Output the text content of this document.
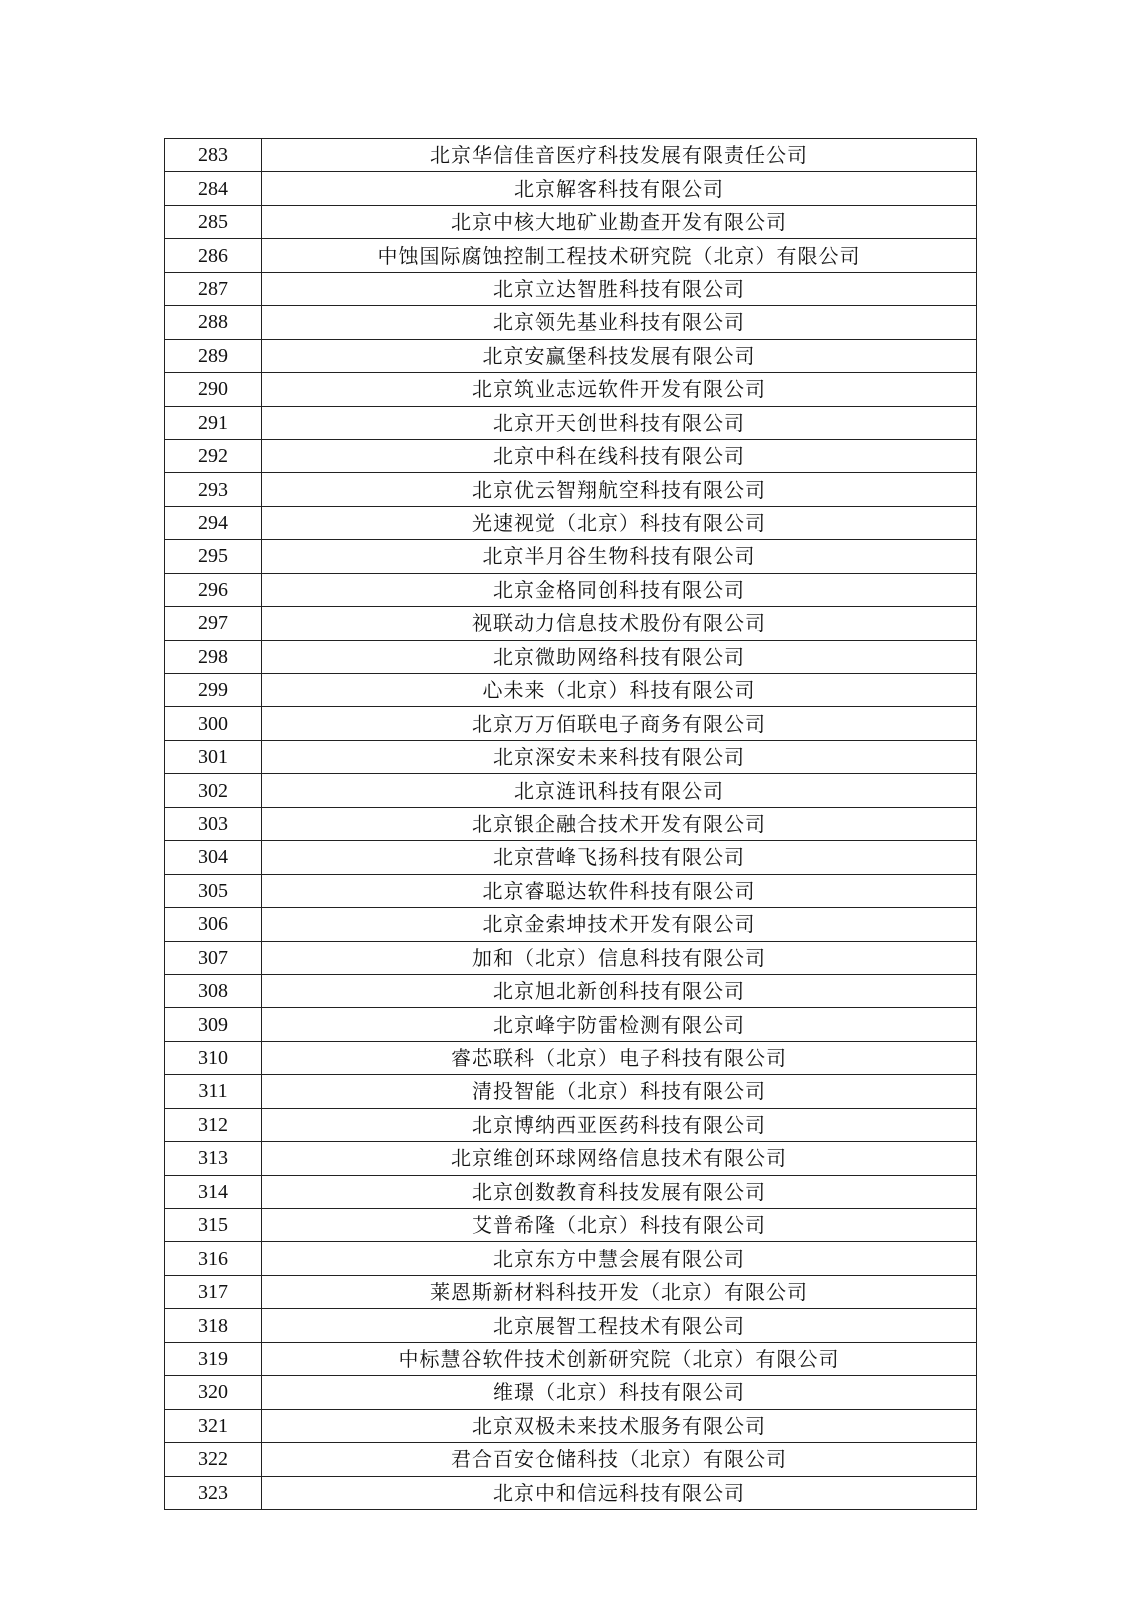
283	北京华信佳音医疗科技发展有限责任公司
284	北京解客科技有限公司
285	北京中核大地矿业勘查开发有限公司
286	中蚀国际腐蚀控制工程技术研究院（北京）有限公司
287	北京立达智胜科技有限公司
288	北京领先基业科技有限公司
289	北京安赢堡科技发展有限公司
290	北京筑业志远软件开发有限公司
291	北京开天创世科技有限公司
292	北京中科在线科技有限公司
293	北京优云智翔航空科技有限公司
294	光速视觉（北京）科技有限公司
295	北京半月谷生物科技有限公司
296	北京金格同创科技有限公司
297	视联动力信息技术股份有限公司
298	北京微助网络科技有限公司
299	心未来（北京）科技有限公司
300	北京万万佰联电子商务有限公司
301	北京深安未来科技有限公司
302	北京涟讯科技有限公司
303	北京银企融合技术开发有限公司
304	北京营峰飞扬科技有限公司
305	北京睿聪达软件科技有限公司
306	北京金索坤技术开发有限公司
307	加和（北京）信息科技有限公司
308	北京旭北新创科技有限公司
309	北京峰宇防雷检测有限公司
310	睿芯联科（北京）电子科技有限公司
311	清投智能（北京）科技有限公司
312	北京博纳西亚医药科技有限公司
313	北京维创环球网络信息技术有限公司
314	北京创数教育科技发展有限公司
315	艾普希隆（北京）科技有限公司
316	北京东方中慧会展有限公司
317	莱恩斯新材料科技开发（北京）有限公司
318	北京展智工程技术有限公司
319	中标慧谷软件技术创新研究院（北京）有限公司
320	维璟（北京）科技有限公司
321	北京双极未来技术服务有限公司
322	君合百安仓储科技（北京）有限公司
323	北京中和信远科技有限公司
